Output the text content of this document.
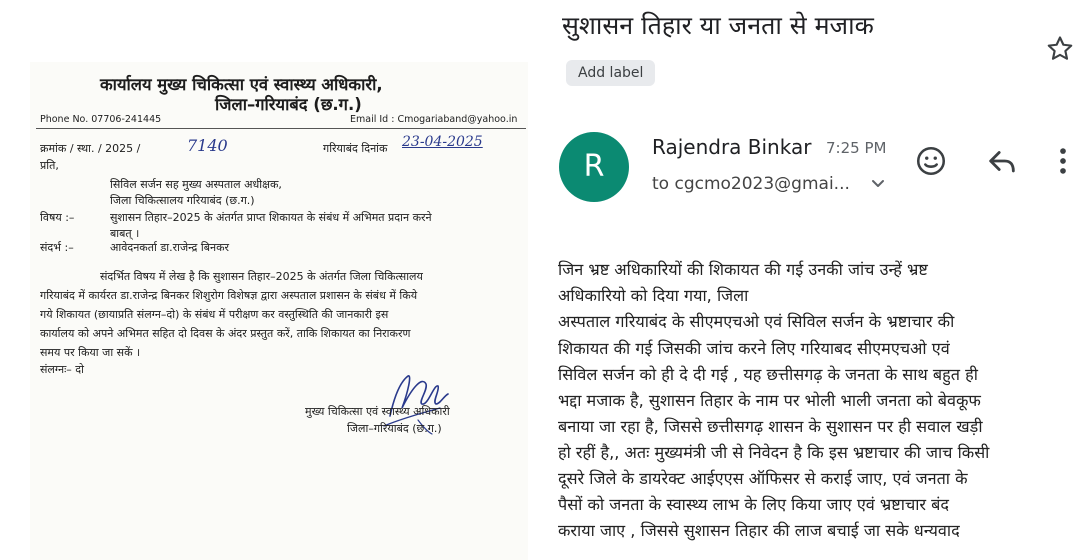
कार्यालय मुख्य चिकित्सा एवं स्वास्थ्य अधिकारी,
जिला–गरियाबंद (छ.ग.)
Phone No. 07706-241445	Email Id : Cmogariaband@yahoo.in
क्रमांक / स्था. / 2025 /	7140	गरियाबंद दिनांक 23-04-2025
प्रति,
सिविल सर्जन सह मुख्य अस्पताल अधीक्षक,
जिला चिकित्सालय गरियाबंद (छ.ग.)
विषय :–	सुशासन तिहार–2025 के अंतर्गत प्राप्त शिकायत के संबंध में अभिमत प्रदान करने
बाबत् ।
संदर्भ :–	आवेदनकर्ता डा.राजेन्द्र बिनकर
संदर्भित विषय में लेख है कि सुशासन तिहार–2025 के अंतर्गत जिला चिकित्सालय
गरियाबंद में कार्यरत डा.राजेन्द्र बिनकर शिशुरोग विशेषज्ञ द्वारा अस्पताल प्रशासन के संबंध में किये
गये शिकायत (छायाप्रति संलग्न–दो) के संबंध में परीक्षण कर वस्तुस्थिति की जानकारी इस
कार्यालय को अपने अभिमत सहित दो दिवस के अंदर प्रस्तुत करें, ताकि शिकायत का निराकरण
समय पर किया जा सकें ।
संलग्नः– दो
मुख्य चिकित्सा एवं स्वास्थ्य अधिकारी
जिला–गरियाबंद (छ.ग.)
सुशासन तिहार या जनता से मजाक
Add label
R
Rajendra Binkar 7:25 PM
to cgcmo2023@gmai...
जिन भ्रष्ट अधिकारियों की शिकायत की गई उनकी जांच उन्हें भ्रष्ट
अधिकारियो को दिया गया, जिला
अस्पताल गरियाबंद के सीएमएचओ एवं सिविल सर्जन के भ्रष्टाचार की
शिकायत की गई जिसकी जांच करने लिए गरियाबद सीएमएचओ एवं
सिविल सर्जन को ही दे दी गई , यह छत्तीसगढ़ के जनता के साथ बहुत ही
भद्दा मजाक है, सुशासन तिहार के नाम पर भोली भाली जनता को बेवकूफ
बनाया जा रहा है, जिससे छत्तीसगढ़ शासन के सुशासन पर ही सवाल खड़ी
हो रहीं है,, अतः मुख्यमंत्री जी से निवेदन है कि इस भ्रष्टाचार की जाच किसी
दूसरे जिले के डायरेक्ट आईएएस ऑफिसर से कराई जाए, एवं जनता के
पैसों को जनता के स्वास्थ्य लाभ के लिए किया जाए एवं भ्रष्टाचार बंद
कराया जाए , जिससे सुशासन तिहार की लाज बचाई जा सके धन्यवाद
